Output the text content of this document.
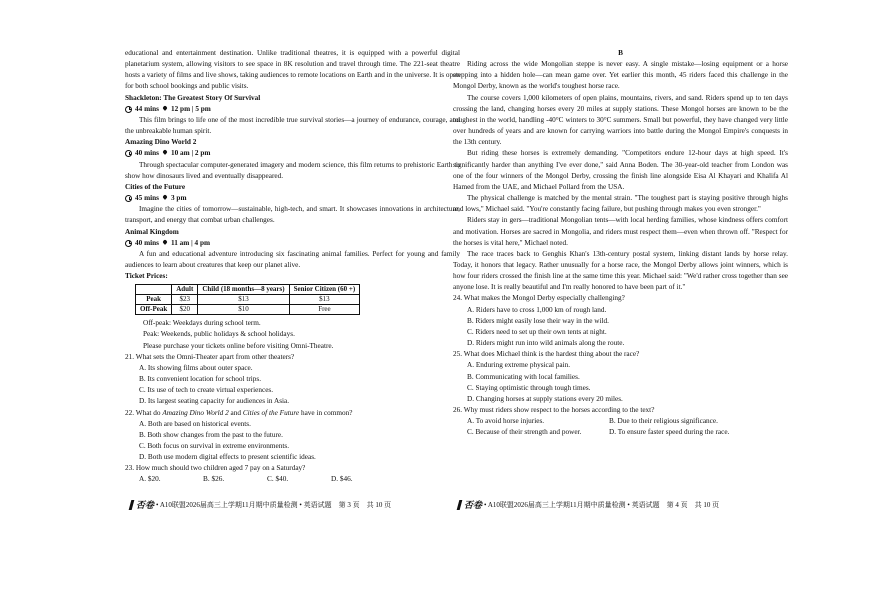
educational and entertainment destination. Unlike traditional theatres, it is equipped with a powerful digital planetarium system, allowing visitors to see space in 8K resolution and travel through time. The 221-seat theatre hosts a variety of films and live shows, taking audiences to remote locations on Earth and in the universe. It is open for both school bookings and public visits.

Shackleton: The Greatest Story Of Survival

44 mins 12 pm | 5 pm

This film brings to life one of the most incredible true survival stories—a journey of endurance, courage, and the unbreakable human spirit.

Amazing Dino World 2

40 mins 10 am | 2 pm

Through spectacular computer-generated imagery and modern science, this film returns to prehistoric Earth to show how dinosaurs lived and eventually disappeared.

Cities of the Future

45 mins 3 pm

Imagine the cities of tomorrow—sustainable, high-tech, and smart. It showcases innovations in architecture, transport, and energy that combat urban challenges.

Animal Kingdom

40 mins 11 am | 4 pm

A fun and educational adventure introducing six fascinating animal families. Perfect for young and family audiences to learn about creatures that keep our planet alive.

Ticket Prices:

	Adult	Child (18 months—8 years)	Senior Citizen (60 +)
Peak	$23	$13	$13
Off-Peak	$20	$10	Free

Off-peak: Weekdays during school term.

Peak: Weekends, public holidays & school holidays.

Please purchase your tickets online before visiting Omni-Theatre.

21. What sets the Omni-Theater apart from other theaters?

A. Its showing films about outer space.

B. Its convenient location for school trips.

C. Its use of tech to create virtual experiences.

D. Its largest seating capacity for audiences in Asia.

22. What do Amazing Dino World 2 and Cities of the Future have in common?

A. Both are based on historical events.

B. Both show changes from the past to the future.

C. Both focus on survival in extreme environments.

D. Both use modern digital effects to present scientific ideas.

23. How much should two children aged 7 pay on a Saturday?

A. $20.	B. $26.	C. $40.	D. $46.
否卷 • A10联盟2026届高三上学期11月期中质量检测 • 英语试题　第 3 页　共 10 页

B

Riding across the wide Mongolian steppe is never easy. A single mistake—losing equipment or a horse stepping into a hidden hole—can mean game over. Yet earlier this month, 45 riders faced this challenge in the Mongol Derby, known as the world's toughest horse race.

The course covers 1,000 kilometers of open plains, mountains, rivers, and sand. Riders spend up to ten days crossing the land, changing horses every 20 miles at supply stations. These Mongol horses are known to be the toughest in the world, handling -40°C winters to 30°C summers. Small but powerful, they have changed very little over hundreds of years and are known for carrying warriors into battle during the Mongol Empire's conquests in the 13th century.

But riding these horses is extremely demanding. "Competitors endure 12-hour days at high speed. It's significantly harder than anything I've ever done," said Anna Boden. The 30-year-old teacher from London was one of the four winners of the Mongol Derby, crossing the finish line alongside Eisa Al Khayari and Khalifa Al Hamed from the UAE, and Michael Pollard from the USA.

The physical challenge is matched by the mental strain. "The toughest part is staying positive through highs and lows," Michael said. "You're constantly facing failure, but pushing through makes you even stronger."

Riders stay in gers—traditional Mongolian tents—with local herding families, whose kindness offers comfort and motivation. Horses are sacred in Mongolia, and riders must respect them—even when thrown off. "Respect for the horses is vital here," Michael noted.

The race traces back to Genghis Khan's 13th-century postal system, linking distant lands by horse relay. Today, it honors that legacy. Rather unusually for a horse race, the Mongol Derby allows joint winners, which is how four riders crossed the finish line at the same time this year. Michael said: "We'd rather cross together than see anyone lose. It is really beautiful and I'm really honored to have been part of it."

24. What makes the Mongol Derby especially challenging?

A. Riders have to cross 1,000 km of rough land.

B. Riders might easily lose their way in the wild.

C. Riders need to set up their own tents at night.

D. Riders might run into wild animals along the route.

25. What does Michael think is the hardest thing about the race?

A. Enduring extreme physical pain.

B. Communicating with local families.

C. Staying optimistic through tough times.

D. Changing horses at supply stations every 20 miles.

26. Why must riders show respect to the horses according to the text?

A. To avoid horse injuries.	B. Due to their religious significance.
C. Because of their strength and power.	D. To ensure faster speed during the race.
否卷 • A10联盟2026届高三上学期11月期中质量检测 • 英语试题　第 4 页　共 10 页
